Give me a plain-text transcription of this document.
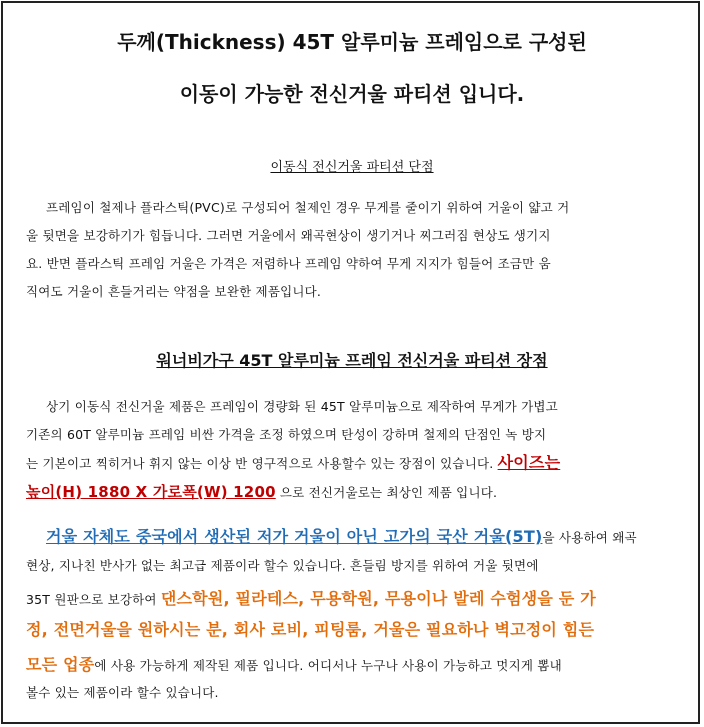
두께(Thickness) 45T 알루미늄 프레임으로 구성된
이동이 가능한 전신거울 파티션 입니다.
이동식 전신거울 파티션 단점
프레임이 철제나 플라스틱(PVC)로 구성되어 철제인 경우 무게를 줄이기 위하여 거울이 얇고 거
울 뒷면을 보강하기가 힘듭니다. 그러면 거울에서 왜곡현상이 생기거나 찌그러짐 현상도 생기지
요. 반면 플라스틱 프레임 거울은 가격은 저렴하나 프레임 약하여 무게 지지가 힘들어 조금만 움
직여도 거울이 흔들거리는 약점을 보완한 제품입니다.
워너비가구 45T 알루미늄 프레임 전신거울 파티션 장점
상기 이동식 전신거울 제품은 프레임이 경량화 된 45T 알루미늄으로 제작하여 무게가 가볍고
기존의 60T 알루미늄 프레임 비싼 가격을 조정 하였으며 탄성이 강하며 철제의 단점인 녹 방지
는 기본이고 찍히거나 휘지 않는 이상 반 영구적으로 사용할수 있는 장점이 있습니다. 사이즈는
높이(H) 1880 X 가로폭(W) 1200 으로 전신거울로는 최상인 제품 입니다.
거울 자체도 중국에서 생산된 저가 거울이 아닌 고가의 국산 거울(5T)을 사용하여 왜곡
현상, 지나친 반사가 없는 최고급 제품이라 할수 있습니다. 흔들림 방지를 위하여 거울 뒷면에
35T 원판으로 보강하여 댄스학원, 필라테스, 무용학원, 무용이나 발레 수험생을 둔 가
정, 전면거울을 원하시는 분, 회사 로비, 피팅룸, 거울은 필요하나 벽고정이 힘든
모든 업종에 사용 가능하게 제작된 제품 입니다. 어디서나 누구나 사용이 가능하고 멋지게 뽐내
볼수 있는 제품이라 할수 있습니다.
